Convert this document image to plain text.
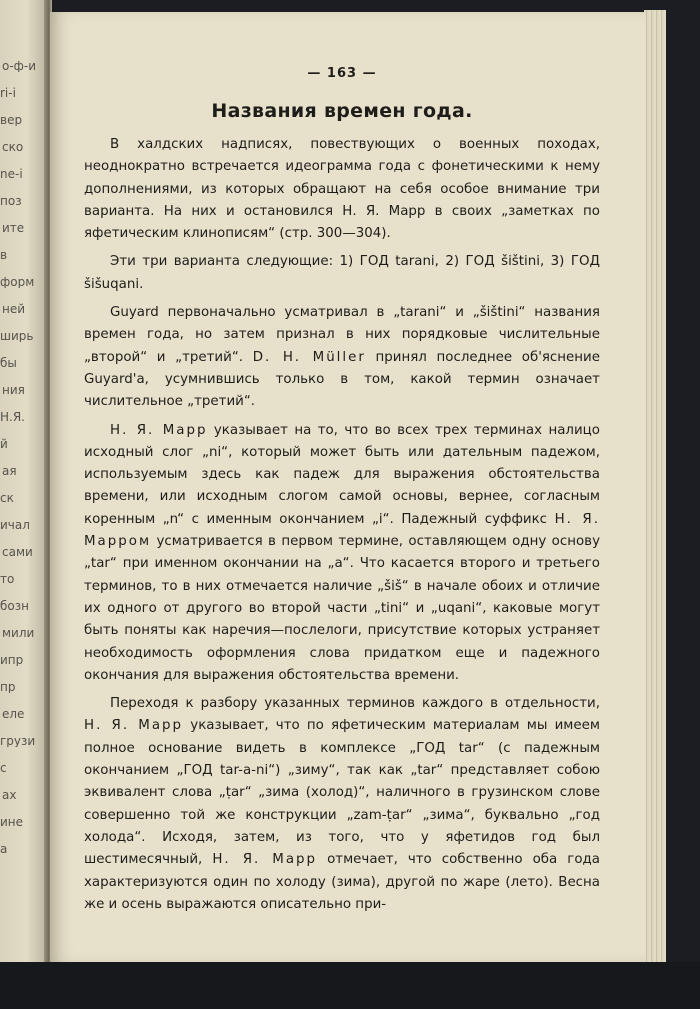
о-ф-и
ri-i
вер
ско
ne-i
поз
ите
в
форм
ней
ширь
бы
ния
Н.Я.
й
ая
ск
ичал
сами
то
бозн
мили
ипр
пр
еле
грузи
с
ах
ине
а
— 163 —
Названия времен года.

В халдских надписях, повествующих о военных походах, неоднократно встречается идеограмма года с фонетическими к нему дополнениями, из которых обращают на себя особое внимание три варианта. На них и остановился Н. Я. Марр в своих „заметках по яфетическим клинописям“ (стр. 300—304).

Эти три варианта следующие: 1) ГОД tarani, 2) ГОД šištini, 3) ГОД šišuqani.

Guyard первоначально усматривал в „tarani“ и „šištini“ названия времен года, но затем признал в них порядковые числительные „второй“ и „третий“. D. H. Müller принял последнее об'яснение Guyard'а, усумнившись только в том, какой термин означает числительное „третий“.

Н. Я. Марр указывает на то, что во всех трех терминах налицо исходный слог „ni“, который может быть или дательным падежом, используемым здесь как падеж для выражения обстоятельства времени, или исходным слогом самой основы, вернее, согласным коренным „n“ с именным окончанием „i“. Падежный суффикс Н. Я. Марром усматривается в первом термине, оставляющем одну основу „tar“ при именном окончании на „a“. Что касается второго и третьего терминов, то в них отмечается наличие „šiš“ в начале обоих и отличие их одного от другого во второй части „tini“ и „uqani“, каковые могут быть поняты как наречия—послелоги, присутствие которых устраняет необходимость оформления слова придатком еще и падежного окончания для выражения обстоятельства времени.

Переходя к разбору указанных терминов каждого в отдельности, Н. Я. Марр указывает, что по яфетическим материалам мы имеем полное основание видеть в комплексе „ГОД tar“ (с падежным окончанием „ГОД tar-a-ni“) „зиму“, так как „tar“ представляет собою эквивалент слова „ṭar“ „зима (холод)“, наличного в грузинском слове совершенно той же конструкции „zam-ṭar“ „зима“, буквально „год холода“. Исходя, затем, из того, что у яфетидов год был шестимесячный, Н. Я. Марр отмечает, что собственно оба года характеризуются один по холоду (зима), другой по жаре (лето). Весна же и осень выражаются описательно при-
